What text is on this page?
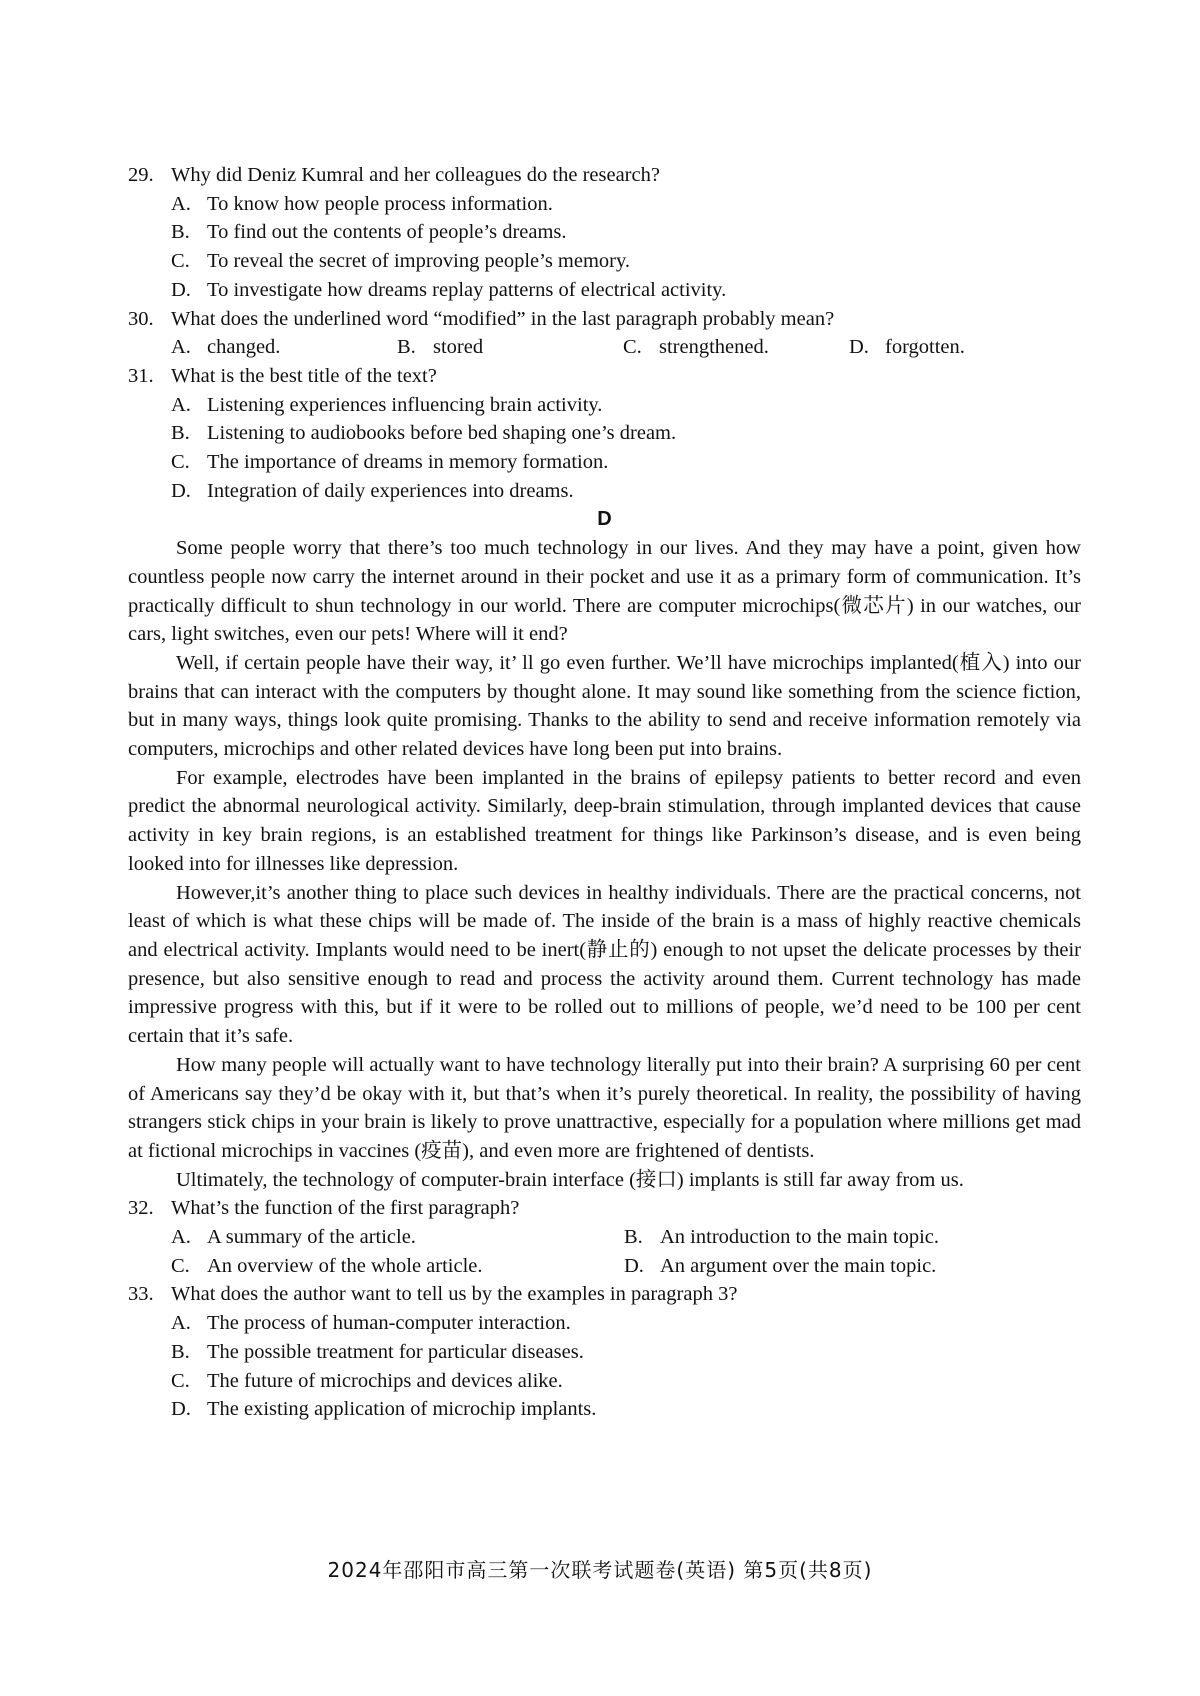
29. Why did Deniz Kumral and her colleagues do the research?
A. To know how people process information.
B. To find out the contents of people’s dreams.
C. To reveal the secret of improving people’s memory.
D. To investigate how dreams replay patterns of electrical activity.
30. What does the underlined word “modified” in the last paragraph probably mean?
A. changed.	B. stored	C. strengthened.	D. forgotten.
31. What is the best title of the text?
A. Listening experiences influencing brain activity.
B. Listening to audiobooks before bed shaping one’s dream.
C. The importance of dreams in memory formation.
D. Integration of daily experiences into dreams.
D

Some people worry that there’s too much technology in our lives. And they may have a point, given how countless people now carry the internet around in their pocket and use it as a primary form of communication. It’s practically difficult to shun technology in our world. There are computer microchips(微芯片) in our watches, our cars, light switches, even our pets! Where will it end?

Well, if certain people have their way, it’ ll go even further. We’ll have microchips implanted(植入) into our brains that can interact with the computers by thought alone. It may sound like something from the science fiction, but in many ways, things look quite promising. Thanks to the ability to send and receive information remotely via computers, microchips and other related devices have long been put into brains.

For example, electrodes have been implanted in the brains of epilepsy patients to better record and even predict the abnormal neurological activity. Similarly, deep-brain stimulation, through implanted devices that cause activity in key brain regions, is an established treatment for things like Parkinson’s disease, and is even being looked into for illnesses like depression.

However,it’s another thing to place such devices in healthy individuals. There are the practical concerns, not least of which is what these chips will be made of. The inside of the brain is a mass of highly reactive chemicals and electrical activity. Implants would need to be inert(静止的) enough to not upset the delicate processes by their presence, but also sensitive enough to read and process the activity around them. Current technology has made impressive progress with this, but if it were to be rolled out to millions of people, we’d need to be 100 per cent certain that it’s safe.

How many people will actually want to have technology literally put into their brain? A surprising 60 per cent of Americans say they’d be okay with it, but that’s when it’s purely theoretical. In reality, the possibility of having strangers stick chips in your brain is likely to prove unattractive, especially for a population where millions get mad at fictional microchips in vaccines (疫苗), and even more are frightened of dentists.

Ultimately, the technology of computer-brain interface (接口) implants is still far away from us.

32. What’s the function of the first paragraph?
A. A summary of the article.	B. An introduction to the main topic.
C. An overview of the whole article.	D. An argument over the main topic.
33. What does the author want to tell us by the examples in paragraph 3?
A. The process of human-computer interaction.
B. The possible treatment for particular diseases.
C. The future of microchips and devices alike.
D. The existing application of microchip implants.
2024年邵阳市高三第一次联考试题卷(英语) 第5页(共8页)
